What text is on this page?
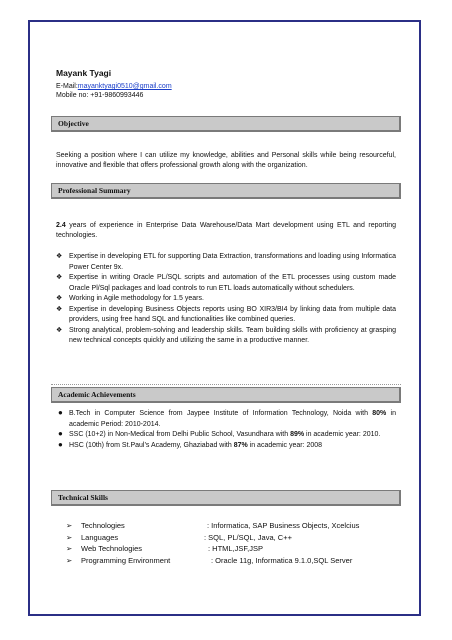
Mayank Tyagi
E-Mail:mayanktyagi0510@gmail.com
Mobile no: +91-9860993446
Objective
Seeking a position where I can utilize my knowledge, abilities and Personal skills while being resourceful, innovative and flexible that offers professional growth along with the organization.
Professional Summary
2.4 years of experience in Enterprise Data Warehouse/Data Mart development using ETL and reporting technologies.
❖ Expertise in developing ETL for supporting Data Extraction, transformations and loading using Informatica Power Center 9x.
❖ Expertise in writing Oracle PL/SQL scripts and automation of the ETL processes using custom made Oracle Pl/Sql packages and load controls to run ETL loads automatically without schedulers.
❖ Working in Agile methodology for 1.5 years.
❖ Expertise in developing Business Objects reports using BO XIR3/BI4 by linking data from multiple data providers, using free hand SQL and functionalities like combined queries.
❖ Strong analytical, problem-solving and leadership skills. Team building skills with proficiency at grasping new technical concepts quickly and utilizing the same in a productive manner.
Academic Achievements
● B.Tech in Computer Science from Jaypee Institute of Information Technology, Noida with 80% in academic Period: 2010-2014.
● SSC (10+2) in Non-Medical from Delhi Public School, Vasundhara with 89% in academic year: 2010.
● HSC (10th) from St.Paul’s Academy, Ghaziabad with 87% in academic year: 2008
Technical Skills
➢ Technologies	: Informatica, SAP Business Objects, Xcelcius
➢ Languages	: SQL, PL/SQL, Java, C++
➢ Web Technologies	: HTML,JSF,JSP
➢ Programming Environment	: Oracle 11g, Informatica 9.1.0,SQL Server
